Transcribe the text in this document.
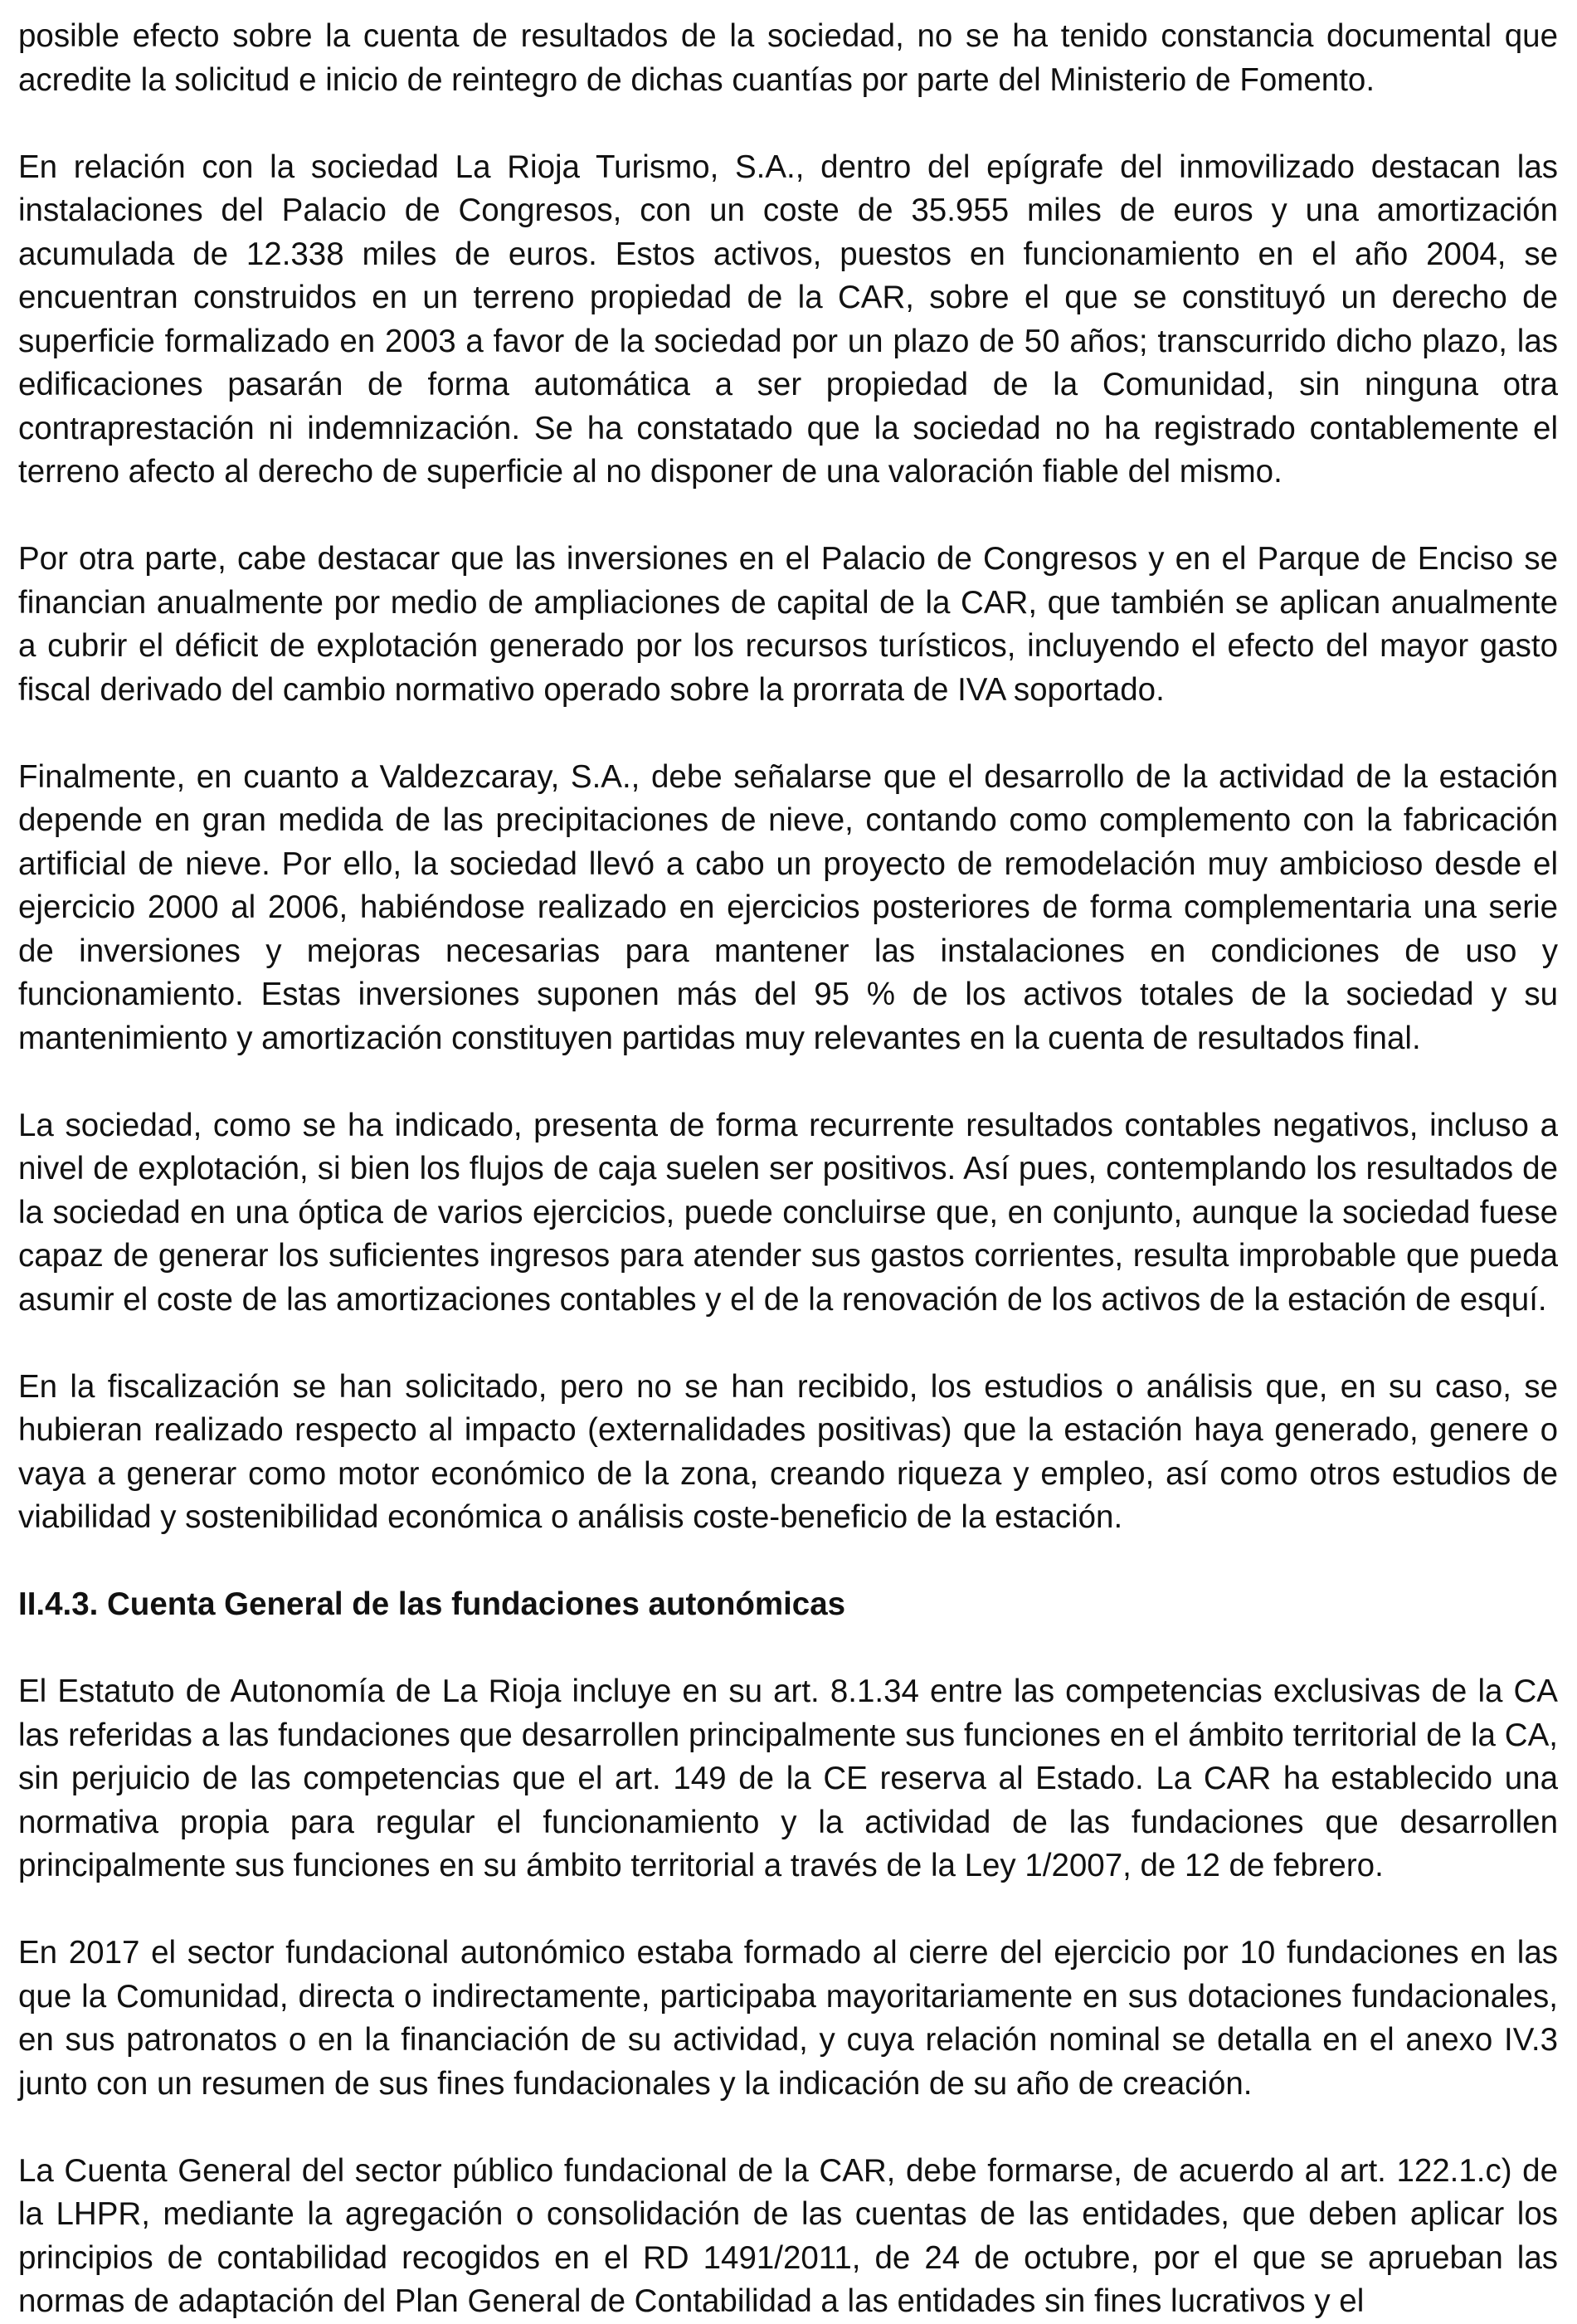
posible efecto sobre la cuenta de resultados de la sociedad, no se ha tenido constancia documental que acredite la solicitud e inicio de reintegro de dichas cuantías por parte del Ministerio de Fomento.

En relación con la sociedad La Rioja Turismo, S.A., dentro del epígrafe del inmovilizado destacan las instalaciones del Palacio de Congresos, con un coste de 35.955 miles de euros y una amortización acumulada de 12.338 miles de euros. Estos activos, puestos en funcionamiento en el año 2004, se encuentran construidos en un terreno propiedad de la CAR, sobre el que se constituyó un derecho de superficie formalizado en 2003 a favor de la sociedad por un plazo de 50 años; transcurrido dicho plazo, las edificaciones pasarán de forma automática a ser propiedad de la Comunidad, sin ninguna otra contraprestación ni indemnización. Se ha constatado que la sociedad no ha registrado contablemente el terreno afecto al derecho de superficie al no disponer de una valoración fiable del mismo.

Por otra parte, cabe destacar que las inversiones en el Palacio de Congresos y en el Parque de Enciso se financian anualmente por medio de ampliaciones de capital de la CAR, que también se aplican anualmente a cubrir el déficit de explotación generado por los recursos turísticos, incluyendo el efecto del mayor gasto fiscal derivado del cambio normativo operado sobre la prorrata de IVA soportado.

Finalmente, en cuanto a Valdezcaray, S.A., debe señalarse que el desarrollo de la actividad de la estación depende en gran medida de las precipitaciones de nieve, contando como complemento con la fabricación artificial de nieve. Por ello, la sociedad llevó a cabo un proyecto de remodelación muy ambicioso desde el ejercicio 2000 al 2006, habiéndose realizado en ejercicios posteriores de forma complementaria una serie de inversiones y mejoras necesarias para mantener las instalaciones en condiciones de uso y funcionamiento. Estas inversiones suponen más del 95 % de los activos totales de la sociedad y su mantenimiento y amortización constituyen partidas muy relevantes en la cuenta de resultados final.

La sociedad, como se ha indicado, presenta de forma recurrente resultados contables negativos, incluso a nivel de explotación, si bien los flujos de caja suelen ser positivos. Así pues, contemplando los resultados de la sociedad en una óptica de varios ejercicios, puede concluirse que, en conjunto, aunque la sociedad fuese capaz de generar los suficientes ingresos para atender sus gastos corrientes, resulta improbable que pueda asumir el coste de las amortizaciones contables y el de la renovación de los activos de la estación de esquí.

En la fiscalización se han solicitado, pero no se han recibido, los estudios o análisis que, en su caso, se hubieran realizado respecto al impacto (externalidades positivas) que la estación haya generado, genere o vaya a generar como motor económico de la zona, creando riqueza y empleo, así como otros estudios de viabilidad y sostenibilidad económica o análisis coste-beneficio de la estación.

II.4.3. Cuenta General de las fundaciones autonómicas

El Estatuto de Autonomía de La Rioja incluye en su art. 8.1.34 entre las competencias exclusivas de la CA las referidas a las fundaciones que desarrollen principalmente sus funciones en el ámbito territorial de la CA, sin perjuicio de las competencias que el art. 149 de la CE reserva al Estado. La CAR ha establecido una normativa propia para regular el funcionamiento y la actividad de las fundaciones que desarrollen principalmente sus funciones en su ámbito territorial a través de la Ley 1/2007, de 12 de febrero.

En 2017 el sector fundacional autonómico estaba formado al cierre del ejercicio por 10 fundaciones en las que la Comunidad, directa o indirectamente, participaba mayoritariamente en sus dotaciones fundacionales, en sus patronatos o en la financiación de su actividad, y cuya relación nominal se detalla en el anexo IV.3 junto con un resumen de sus fines fundacionales y la indicación de su año de creación.

La Cuenta General del sector público fundacional de la CAR, debe formarse, de acuerdo al art. 122.1.c) de la LHPR, mediante la agregación o consolidación de las cuentas de las entidades, que deben aplicar los principios de contabilidad recogidos en el RD 1491/2011, de 24 de octubre, por el que se aprueban las normas de adaptación del Plan General de Contabilidad a las entidades sin fines lucrativos y el
